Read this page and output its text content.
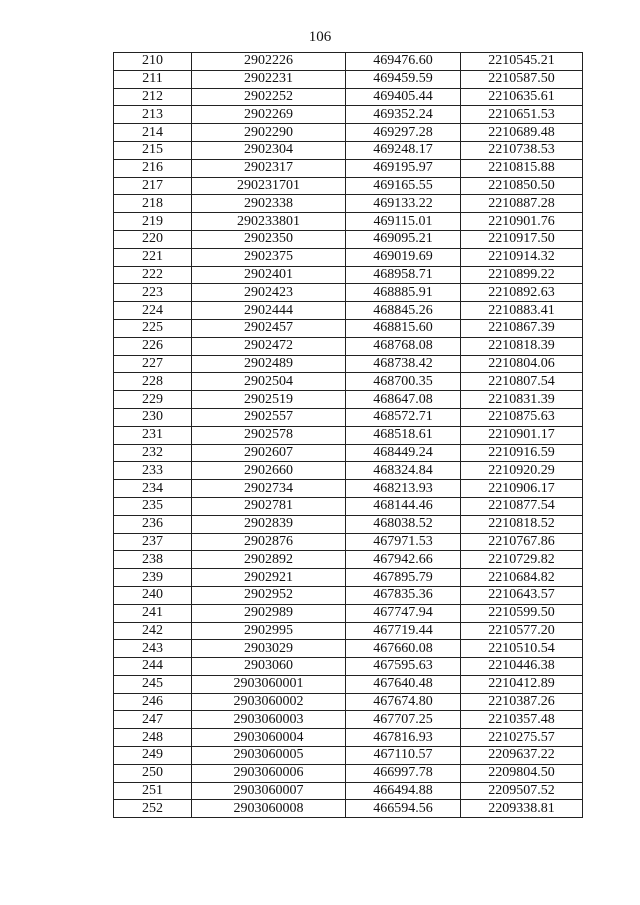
106
210	2902226	469476.60	2210545.21
211	2902231	469459.59	2210587.50
212	2902252	469405.44	2210635.61
213	2902269	469352.24	2210651.53
214	2902290	469297.28	2210689.48
215	2902304	469248.17	2210738.53
216	2902317	469195.97	2210815.88
217	290231701	469165.55	2210850.50
218	2902338	469133.22	2210887.28
219	290233801	469115.01	2210901.76
220	2902350	469095.21	2210917.50
221	2902375	469019.69	2210914.32
222	2902401	468958.71	2210899.22
223	2902423	468885.91	2210892.63
224	2902444	468845.26	2210883.41
225	2902457	468815.60	2210867.39
226	2902472	468768.08	2210818.39
227	2902489	468738.42	2210804.06
228	2902504	468700.35	2210807.54
229	2902519	468647.08	2210831.39
230	2902557	468572.71	2210875.63
231	2902578	468518.61	2210901.17
232	2902607	468449.24	2210916.59
233	2902660	468324.84	2210920.29
234	2902734	468213.93	2210906.17
235	2902781	468144.46	2210877.54
236	2902839	468038.52	2210818.52
237	2902876	467971.53	2210767.86
238	2902892	467942.66	2210729.82
239	2902921	467895.79	2210684.82
240	2902952	467835.36	2210643.57
241	2902989	467747.94	2210599.50
242	2902995	467719.44	2210577.20
243	2903029	467660.08	2210510.54
244	2903060	467595.63	2210446.38
245	2903060001	467640.48	2210412.89
246	2903060002	467674.80	2210387.26
247	2903060003	467707.25	2210357.48
248	2903060004	467816.93	2210275.57
249	2903060005	467110.57	2209637.22
250	2903060006	466997.78	2209804.50
251	2903060007	466494.88	2209507.52
252	2903060008	466594.56	2209338.81
